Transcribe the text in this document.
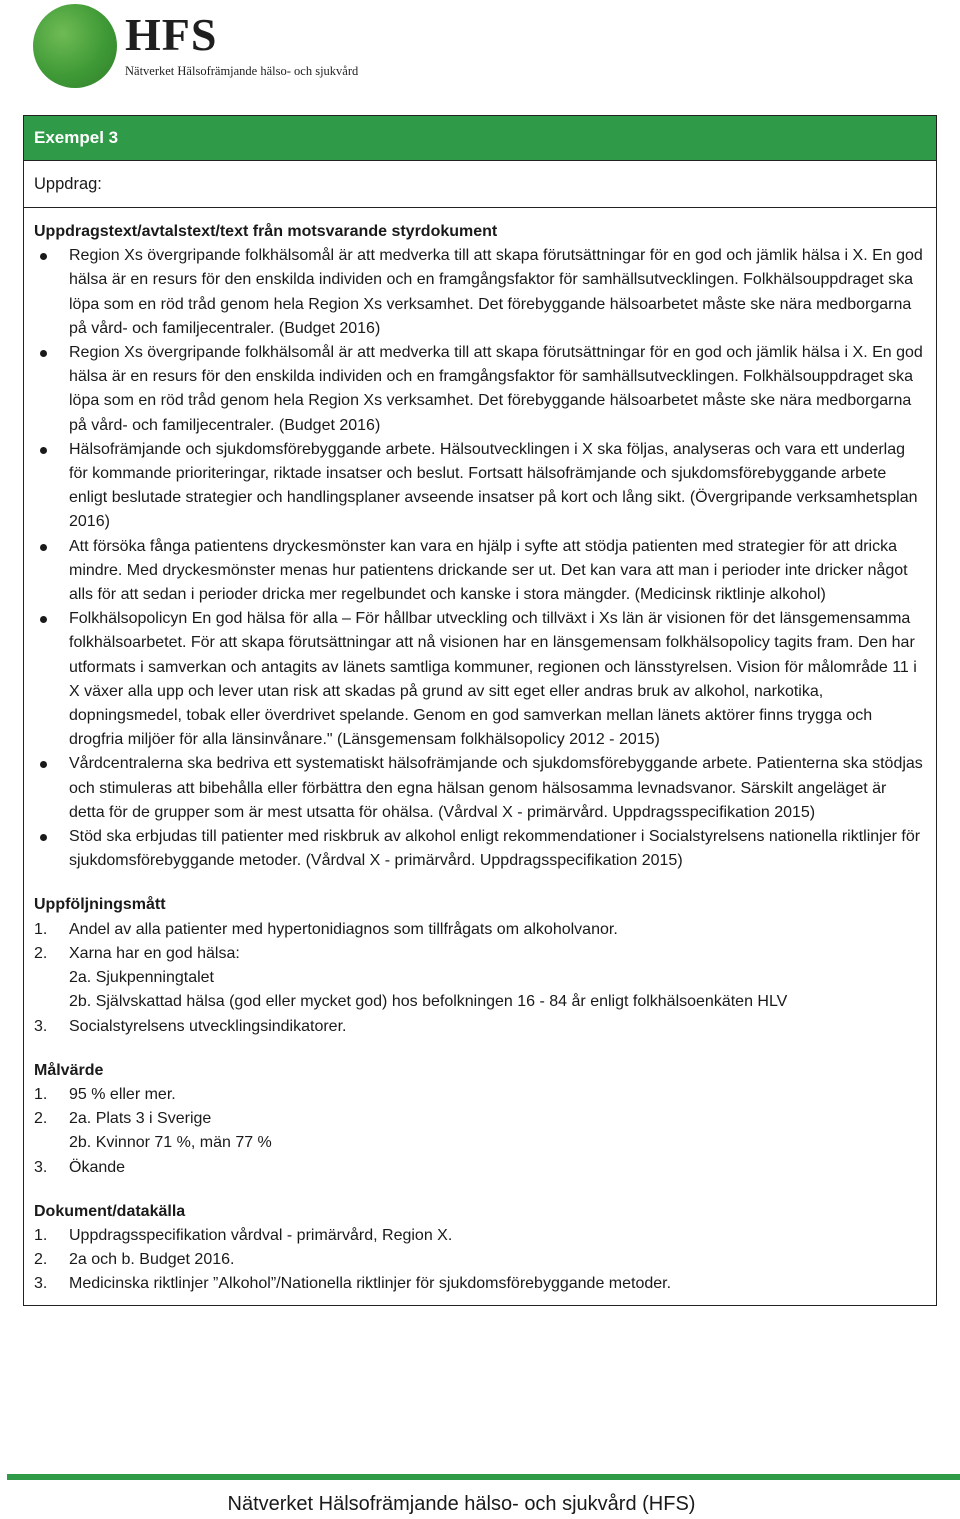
HFS
Nätverket Hälsofrämjande hälso- och sjukvård
Exempel 3
Uppdrag:
Uppdragstext/avtalstext/text från motsvarande styrdokument
Region Xs övergripande folkhälsomål är att medverka till att skapa förutsättningar för en god och jämlik hälsa i X. En god hälsa är en resurs för den enskilda individen och en framgångsfaktor för samhällsutvecklingen. Folkhälsouppdraget ska löpa som en röd tråd genom hela Region Xs verksamhet. Det förebyggande hälsoarbetet måste ske nära medborgarna på vård- och familjecentraler. (Budget 2016)
Region Xs övergripande folkhälsomål är att medverka till att skapa förutsättningar för en god och jämlik hälsa i X. En god hälsa är en resurs för den enskilda individen och en framgångsfaktor för samhällsutvecklingen. Folkhälsouppdraget ska löpa som en röd tråd genom hela Region Xs verksamhet. Det förebyggande hälsoarbetet måste ske nära medborgarna på vård- och familjecentraler. (Budget 2016)
Hälsofrämjande och sjukdomsförebyggande arbete. Hälsoutvecklingen i X ska följas, analyseras och vara ett underlag för kommande prioriteringar, riktade insatser och beslut. Fortsatt hälsofrämjande och sjukdomsförebyggande arbete enligt beslutade strategier och handlingsplaner avseende insatser på kort och lång sikt. (Övergripande verksamhetsplan 2016)
Att försöka fånga patientens dryckesmönster kan vara en hjälp i syfte att stödja patienten med strategier för att dricka mindre. Med dryckesmönster menas hur patientens drickande ser ut. Det kan vara att man i perioder inte dricker något alls för att sedan i perioder dricka mer regelbundet och kanske i stora mängder. (Medicinsk riktlinje alkohol)
Folkhälsopolicyn En god hälsa för alla – För hållbar utveckling och tillväxt i Xs län är visionen för det länsgemensamma folkhälsoarbetet. För att skapa förutsättningar att nå visionen har en länsgemensam folkhälsopolicy tagits fram. Den har utformats i samverkan och antagits av länets samtliga kommuner, regionen och länsstyrelsen. Vision för målområde 11 i X växer alla upp och lever utan risk att skadas på grund av sitt eget eller andras bruk av alkohol, narkotika, dopningsmedel, tobak eller överdrivet spelande. Genom en god samverkan mellan länets aktörer finns trygga och drogfria miljöer för alla länsinvånare." (Länsgemensam folkhälsopolicy 2012 - 2015)
Vårdcentralerna ska bedriva ett systematiskt hälsofrämjande och sjukdomsförebyggande arbete. Patienterna ska stödjas och stimuleras att bibehålla eller förbättra den egna hälsan genom hälsosamma levnadsvanor. Särskilt angeläget är detta för de grupper som är mest utsatta för ohälsa. (Vårdval X - primärvård. Uppdragsspecifikation 2015)
Stöd ska erbjudas till patienter med riskbruk av alkohol enligt rekommendationer i Socialstyrelsens nationella riktlinjer för sjukdomsförebyggande metoder. (Vårdval X - primärvård. Uppdragsspecifikation 2015)
Uppföljningsmått
1.	Andel av alla patienter med hypertonidiagnos som tillfrågats om alkoholvanor.
2.	Xarna har en god hälsa:
2a. Sjukpenningtalet
2b. Självskattad hälsa (god eller mycket god) hos befolkningen 16 - 84 år enligt folkhälsoenkäten HLV
3.	Socialstyrelsens utvecklingsindikatorer.
Målvärde
1.	95 % eller mer.
2.	2a. Plats 3 i Sverige
2b. Kvinnor 71 %, män 77 %
3.	Ökande
Dokument/datakälla
1.	Uppdragsspecifikation vårdval - primärvård, Region X.
2.	2a och b. Budget 2016.
3.	Medicinska riktlinjer ”Alkohol”/Nationella riktlinjer för sjukdomsförebyggande metoder.
Nätverket Hälsofrämjande hälso- och sjukvård (HFS)
